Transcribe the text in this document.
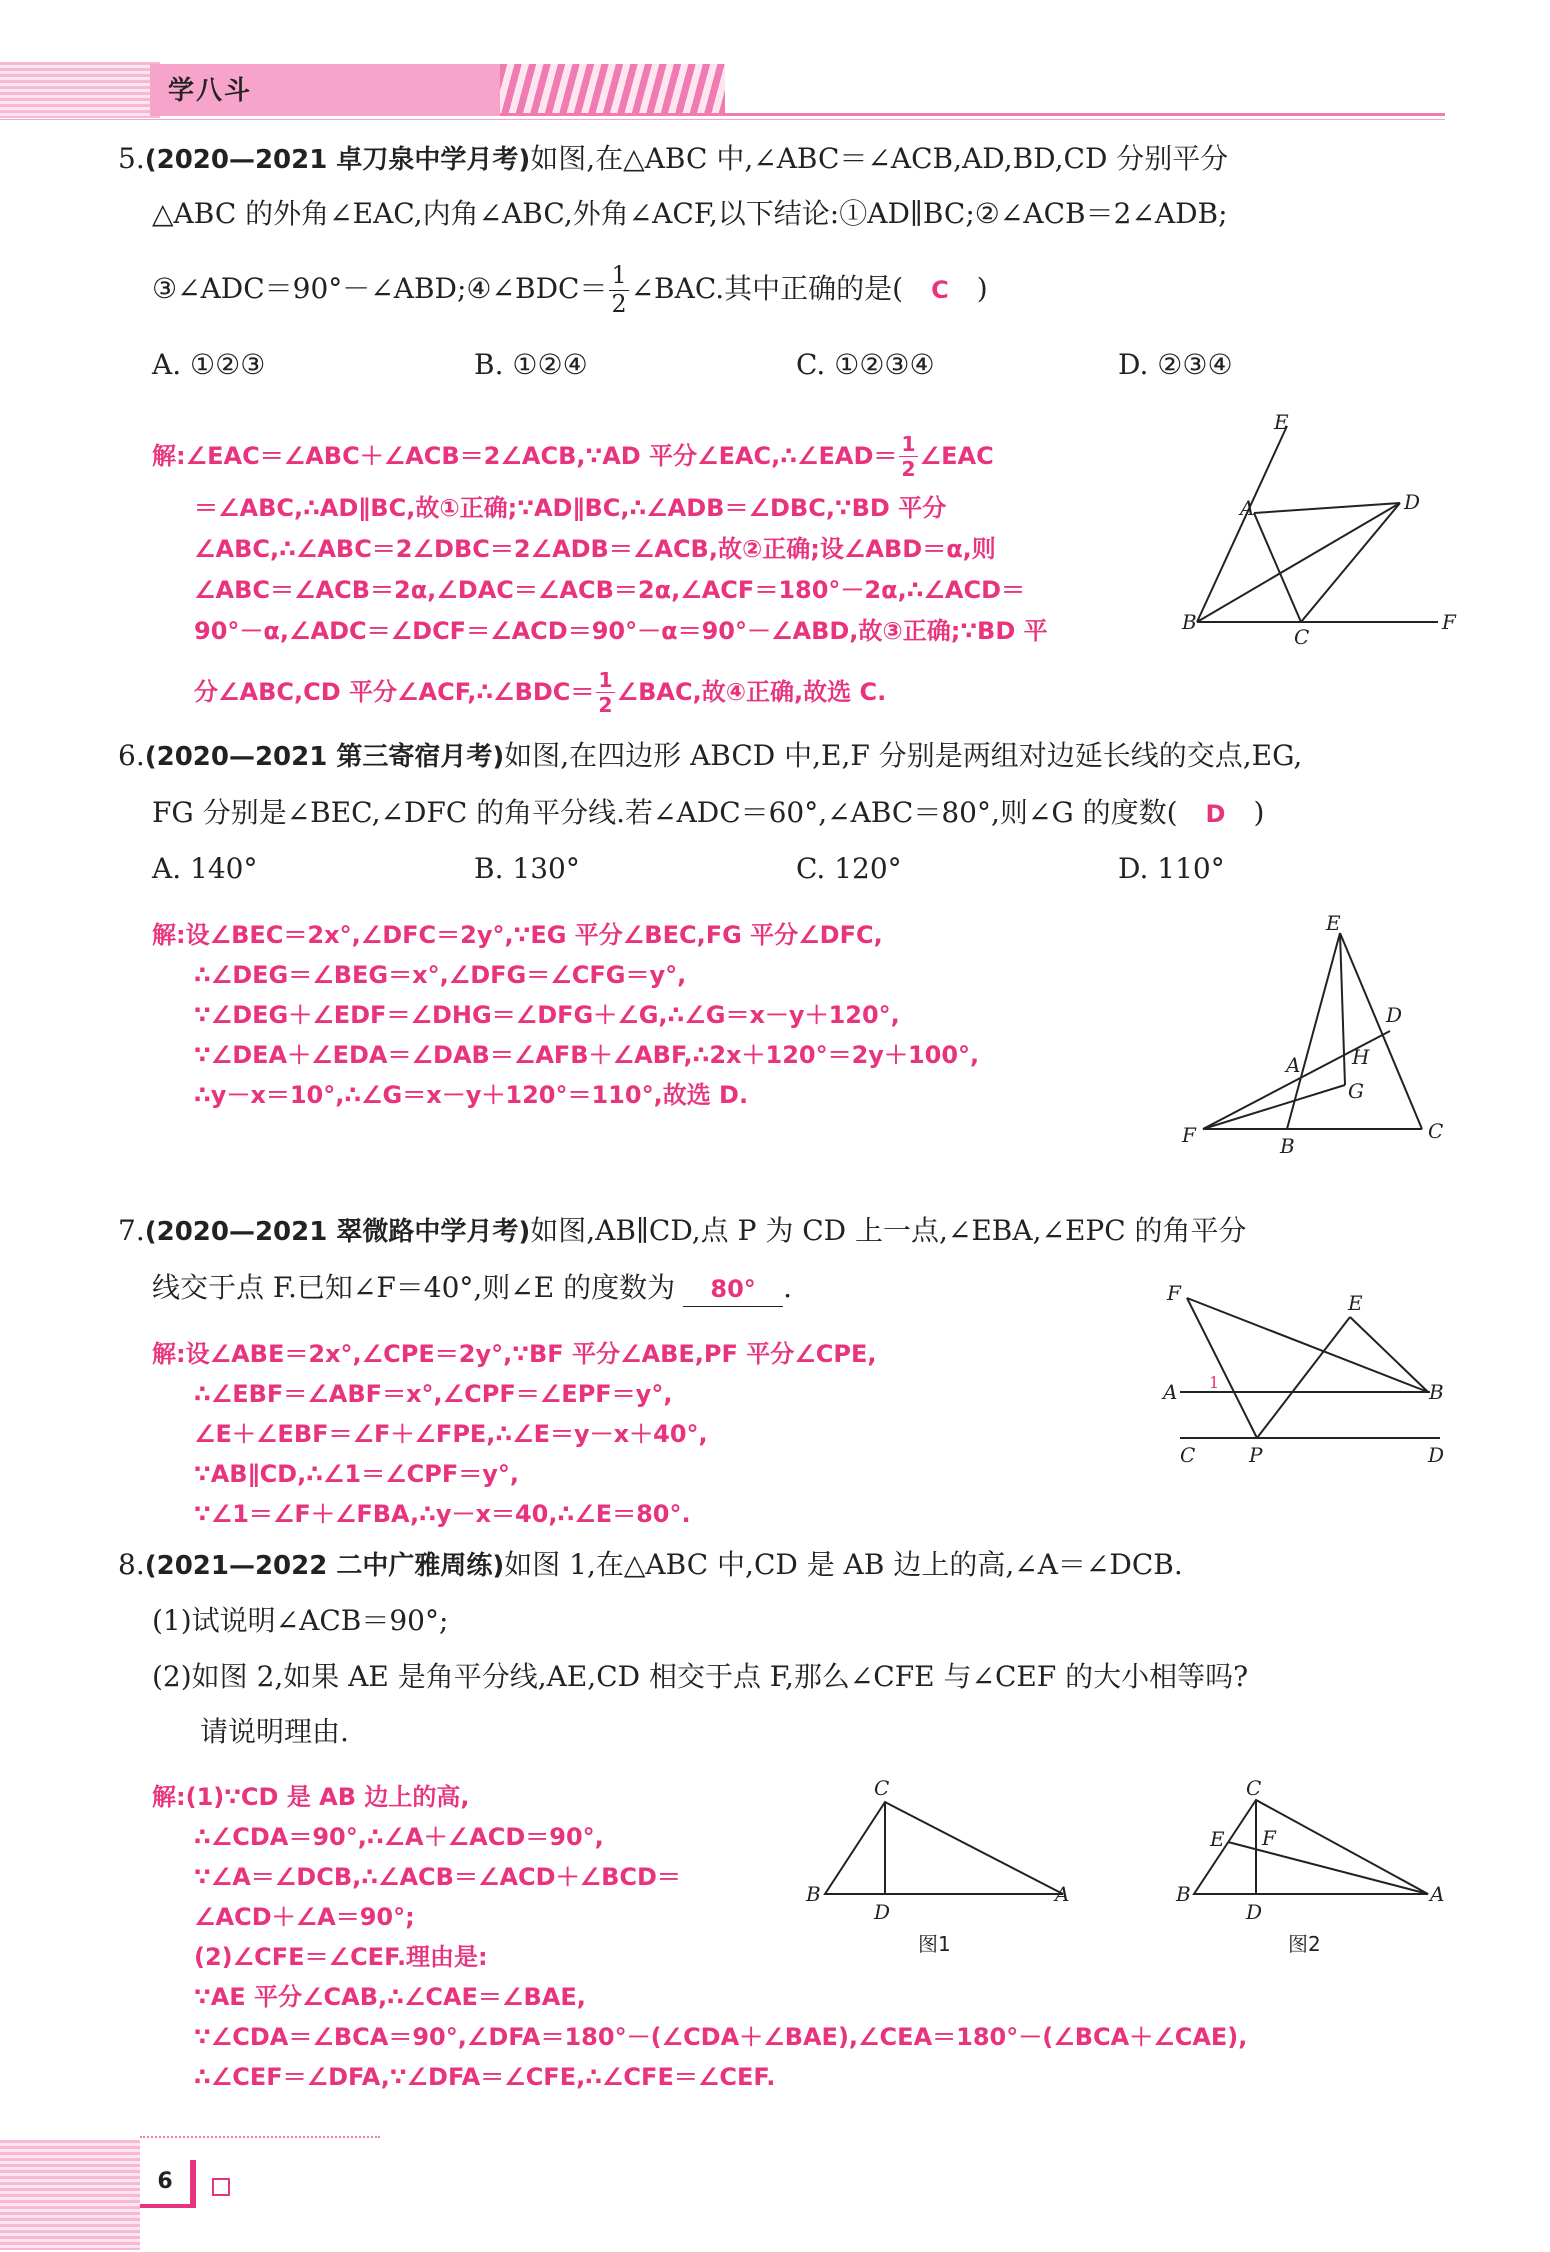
学八斗
5.(2020—2021 卓刀泉中学月考)如图,在△ABC 中,∠ABC＝∠ACB,AD,BD,CD 分别平分
△ABC 的外角∠EAC,内角∠ABC,外角∠ACF,以下结论:①AD∥BC;②∠ACB＝2∠ADB;
③∠ADC＝90°－∠ABD;④∠BDC＝ $\frac{1}{2}$ ∠BAC.其中正确的是( C )
A. ①②③	B. ①②④	C. ①②③④	D. ②③④
解:∠EAC＝∠ABC＋∠ACB＝2∠ACB,∵AD 平分∠EAC,∴∠EAD＝ $\frac{1}{2}$ ∠EAC
＝∠ABC,∴AD∥BC,故①正确;∵AD∥BC,∴∠ADB＝∠DBC,∵BD 平分
∠ABC,∴∠ABC＝2∠DBC＝2∠ADB＝∠ACB,故②正确;设∠ABD＝α,则
∠ABC＝∠ACB＝2α,∠DAC＝∠ACB＝2α,∠ACF＝180°－2α,∴∠ACD＝
90°－α,∠ADC＝∠DCF＝∠ACD＝90°－α＝90°－∠ABD,故③正确;∵BD 平
分∠ABC,CD 平分∠ACF,∴∠BDC＝ $\frac{1}{2}$ ∠BAC,故④正确,故选 C.
E
A	D
B
C
F
6.(2020—2021 第三寄宿月考)如图,在四边形 ABCD 中,E,F 分别是两组对边延长线的交点,EG,
FG 分别是∠BEC,∠DFC 的角平分线.若∠ADC＝60°,∠ABC＝80°,则∠G 的度数( D )
A. 140°	B. 130°	C. 120°	D. 110°
解:设∠BEC＝2x°,∠DFC＝2y°,∵EG 平分∠BEC,FG 平分∠DFC,
∴∠DEG＝∠BEG＝x°,∠DFG＝∠CFG＝y°,
∵∠DEG＋∠EDF＝∠DHG＝∠DFG＋∠G,∴∠G＝x－y＋120°,
∵∠DEA＋∠EDA＝∠DAB＝∠AFB＋∠ABF,∴2x＋120°＝2y＋100°,
∴y－x＝10°,∴∠G＝x－y＋120°＝110°,故选 D.
E
D
A	H
G
F	B
C
7.(2020—2021 翠微路中学月考)如图,AB∥CD,点 P 为 CD 上一点,∠EBA,∠EPC 的角平分
线交于点 F.已知∠F＝40°,则∠E 的度数为 80° .
解:设∠ABE＝2x°,∠CPE＝2y°,∵BF 平分∠ABE,PF 平分∠CPE,
∴∠EBF＝∠ABF＝x°,∠CPF＝∠EPF＝y°,
∠E＋∠EBF＝∠F＋∠FPE,∴∠E＝y－x＋40°,
∵AB∥CD,∴∠1＝∠CPF＝y°,
∵∠1＝∠F＋∠FBA,∴y－x＝40,∴∠E＝80°.
F	E
A 1	B
C	P	D
8.(2021—2022 二中广雅周练)如图 1,在△ABC 中,CD 是 AB 边上的高,∠A＝∠DCB.
(1)试说明∠ACB＝90°;
(2)如图 2,如果 AE 是角平分线,AE,CD 相交于点 F,那么∠CFE 与∠CEF 的大小相等吗?
请说明理由.
解:(1)∵CD 是 AB 边上的高,
∴∠CDA＝90°,∴∠A＋∠ACD＝90°,
∵∠A＝∠DCB,∴∠ACB＝∠ACD＋∠BCD＝
∠ACD＋∠A＝90°;
(2)∠CFE＝∠CEF.理由是:
∵AE 平分∠CAB,∴∠CAE＝∠BAE,
∵∠CDA＝∠BCA＝90°,∠DFA＝180°－(∠CDA＋∠BAE),∠CEA＝180°－(∠BCA＋∠CAE),
∴∠CEF＝∠DFA,∵∠DFA＝∠CFE,∴∠CFE＝∠CEF.
C
B
D
A
图1
C
E F
B
D
A
图2
6
